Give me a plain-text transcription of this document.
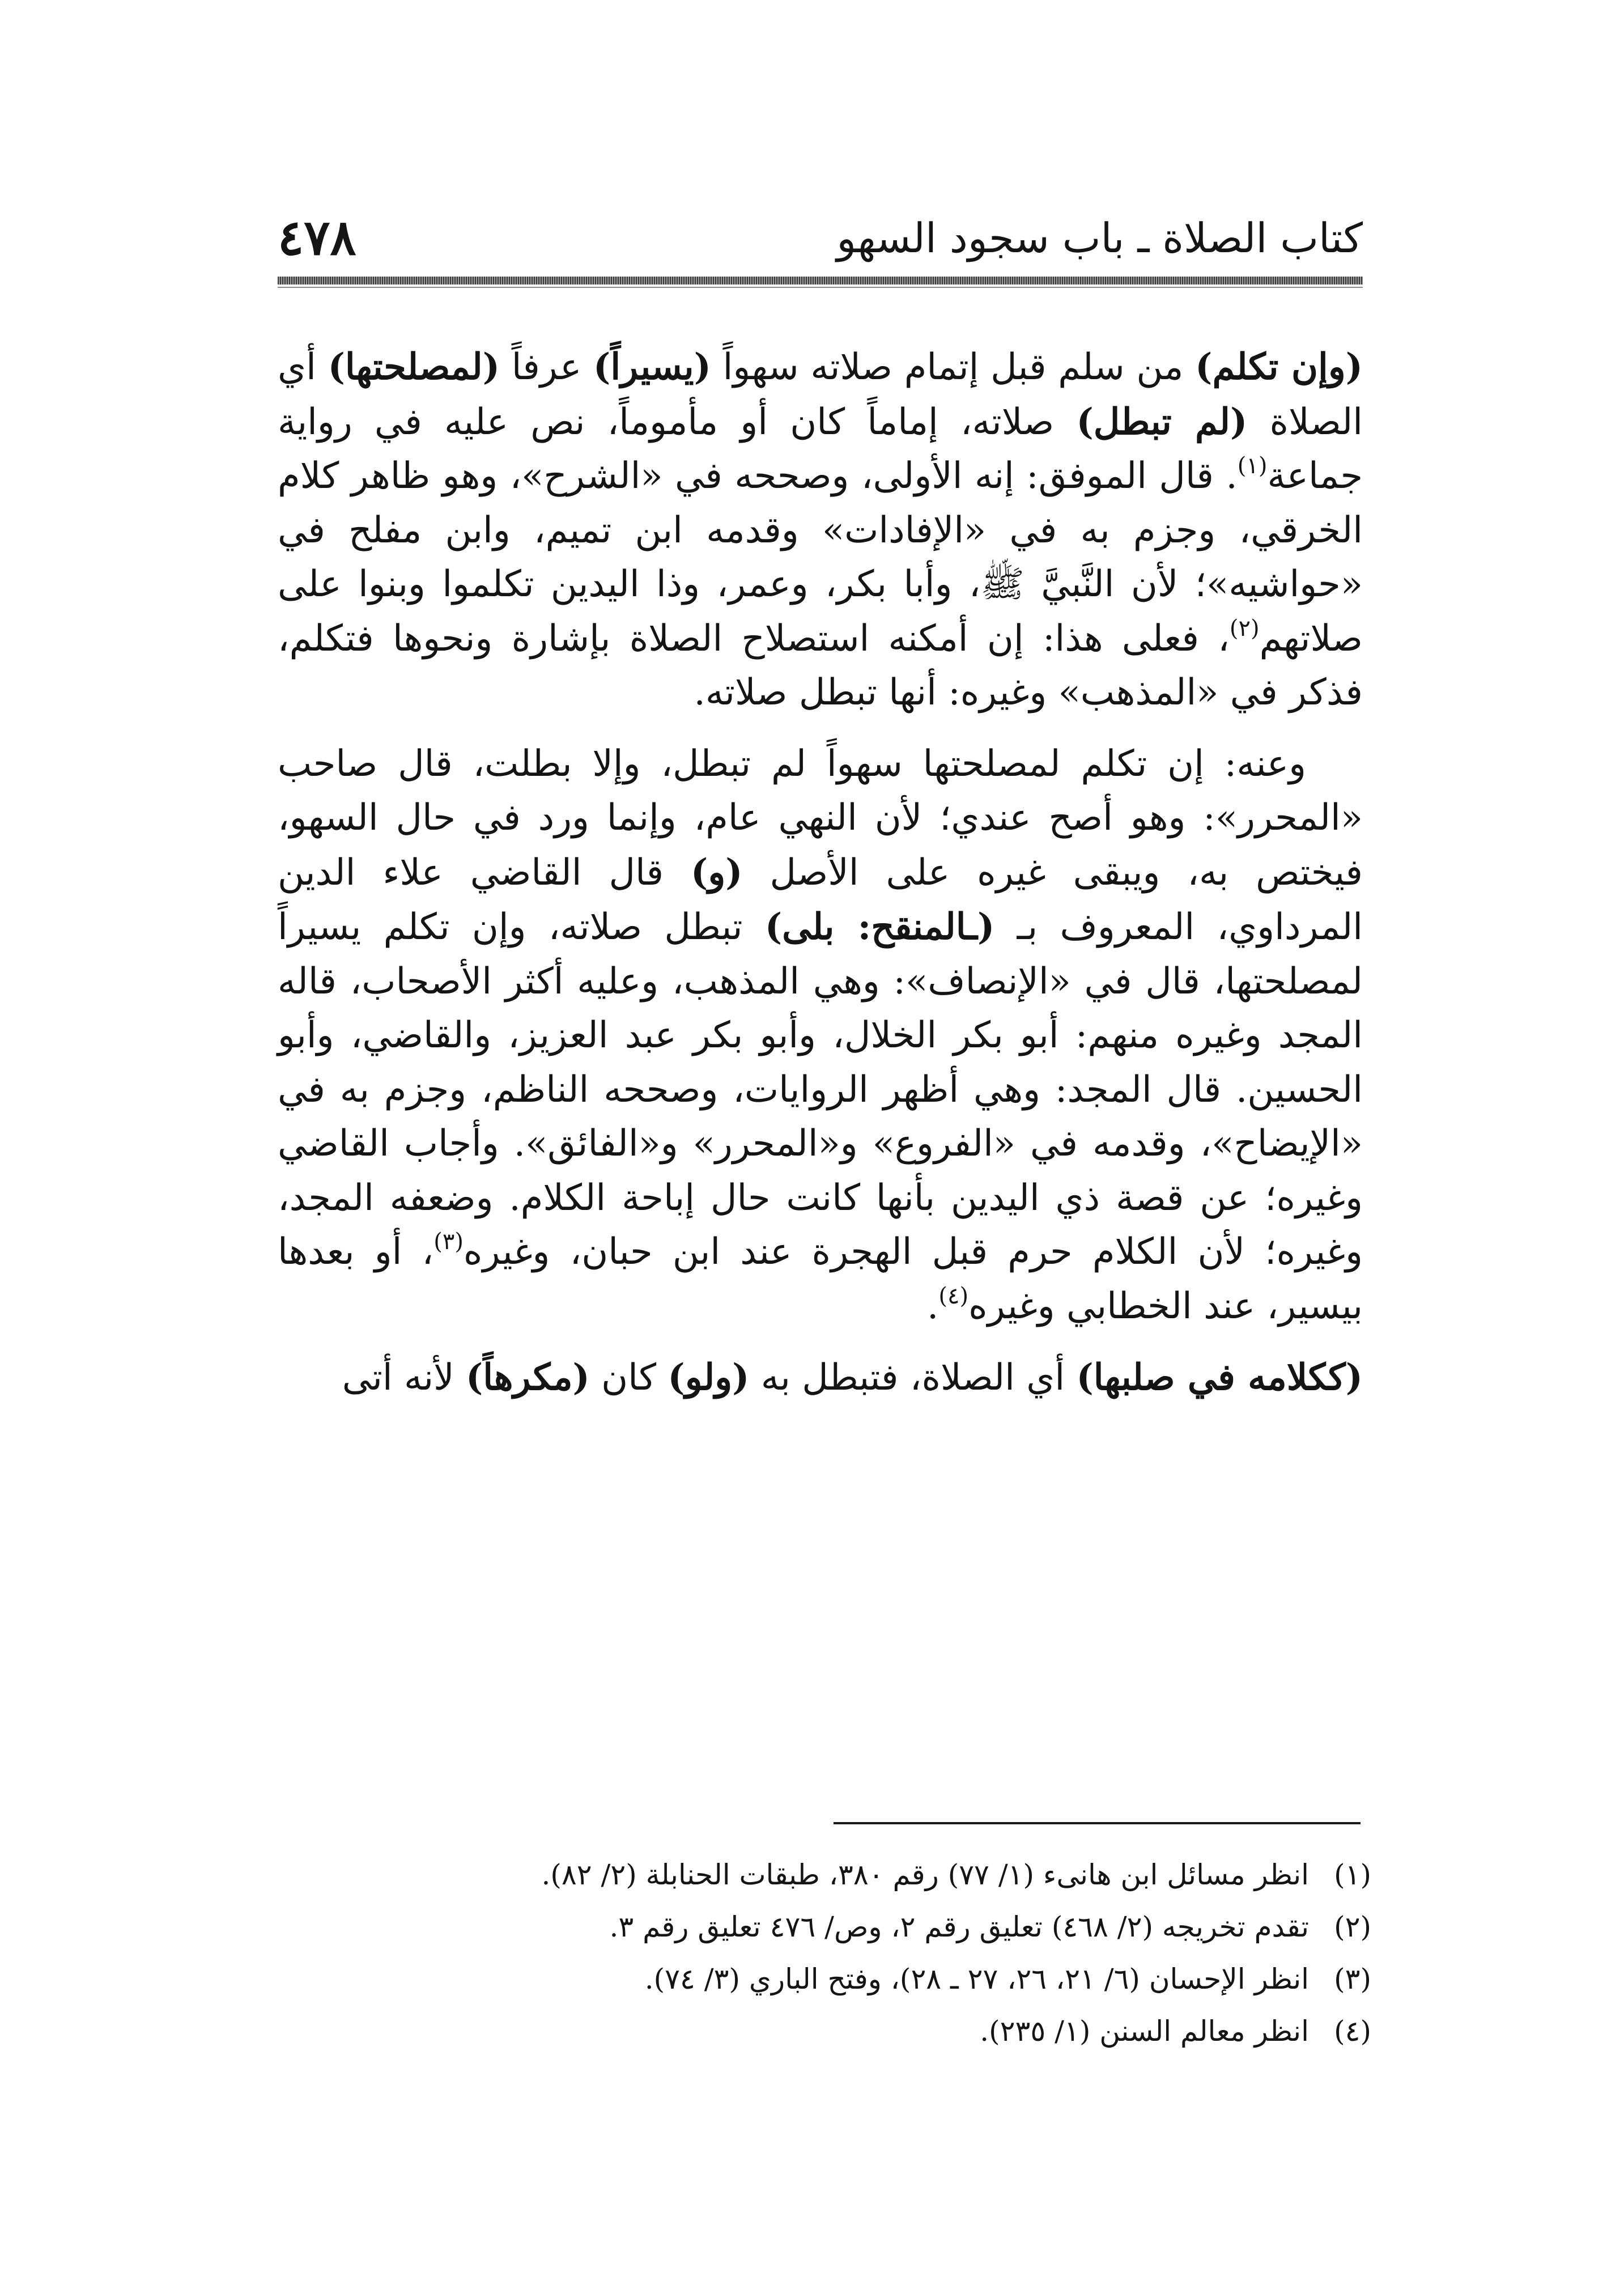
٤٧٨	كتاب الصلاة ـ باب سجود السهو

(وإن تكلم) من سلم قبل إتمام صلاته سهواً (يسيراً) عرفاً (لمصلحتها) أي الصلاة (لم تبطل) صلاته، إماماً كان أو مأموماً، نص عليه في رواية جماعة$^{(١)}$. قال الموفق: إنه الأولى، وصححه في «الشرح»، وهو ظاهر كلام الخرقي، وجزم به في «الإفادات» وقدمه ابن تميم، وابن مفلح في «حواشيه»؛ لأن النَّبيَّ ﷺ، وأبا بكر، وعمر، وذا اليدين تكلموا وبنوا على صلاتهم$^{(٢)}$، فعلى هذا: إن أمكنه استصلاح الصلاة بإشارة ونحوها فتكلم، فذكر في «المذهب» وغيره: أنها تبطل صلاته.

وعنه: إن تكلم لمصلحتها سهواً لم تبطل، وإلا بطلت، قال صاحب «المحرر»: وهو أصح عندي؛ لأن النهي عام، وإنما ورد في حال السهو، فيختص به، ويبقى غيره على الأصل (و) قال القاضي علاء الدين المرداوي، المعروف بـ (ـالمنقح: بلى) تبطل صلاته، وإن تكلم يسيراً لمصلحتها، قال في «الإنصاف»: وهي المذهب، وعليه أكثر الأصحاب، قاله المجد وغيره منهم: أبو بكر الخلال، وأبو بكر عبد العزيز، والقاضي، وأبو الحسين. قال المجد: وهي أظهر الروايات، وصححه الناظم، وجزم به في «الإيضاح»، وقدمه في «الفروع» و«المحرر» و«الفائق». وأجاب القاضي وغيره؛ عن قصة ذي اليدين بأنها كانت حال إباحة الكلام. وضعفه المجد، وغيره؛ لأن الكلام حرم قبل الهجرة عند ابن حبان، وغيره$^{(٣)}$، أو بعدها بيسير، عند الخطابي وغيره$^{(٤)}$.

(ككلامه في صلبها) أي الصلاة، فتبطل به (ولو) كان (مكرهاً) لأنه أتى

(١)
انظر مسائل ابن هانىء (١/ ٧٧) رقم ٣٨٠، طبقات الحنابلة (٢/ ٨٢).
(٢)
تقدم تخريجه (٢/ ٤٦٨) تعليق رقم ٢، وص/ ٤٧٦ تعليق رقم ٣.
(٣)
انظر الإحسان (٦/ ٢١، ٢٦، ٢٧ ـ ٢٨)، وفتح الباري (٣/ ٧٤).
(٤)
انظر معالم السنن (١/ ٢٣٥).
